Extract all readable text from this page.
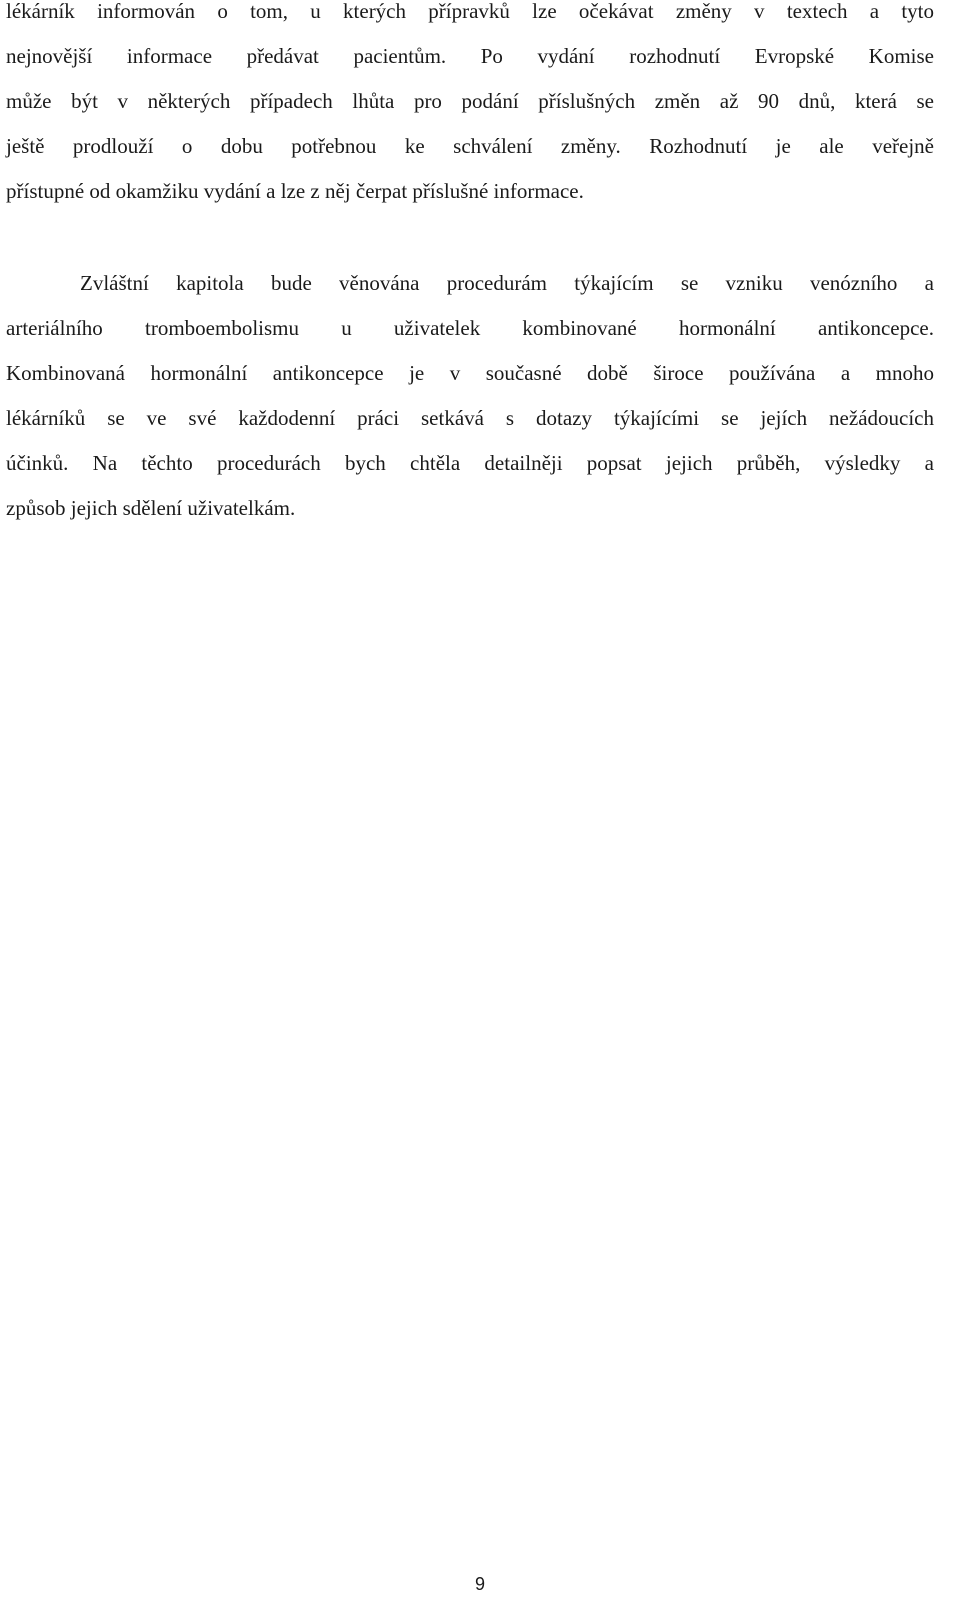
lékárník informován o tom, u kterých přípravků lze očekávat změny v textech a tyto
nejnovější informace předávat pacientům. Po vydání rozhodnutí Evropské Komise
může být v některých případech lhůta pro podání příslušných změn až 90 dnů, která se
ještě prodlouží o dobu potřebnou ke schválení změny. Rozhodnutí je ale veřejně
přístupné od okamžiku vydání a lze z něj čerpat příslušné informace.
Zvláštní kapitola bude věnována procedurám týkajícím se vzniku venózního a
arteriálního tromboembolismu u uživatelek kombinované hormonální antikoncepce.
Kombinovaná hormonální antikoncepce je v současné době široce používána a mnoho
lékárníků se ve své každodenní práci setkává s dotazy týkajícími se jejích nežádoucích
účinků. Na těchto procedurách bych chtěla detailněji popsat jejich průběh, výsledky a
způsob jejich sdělení uživatelkám.
9
